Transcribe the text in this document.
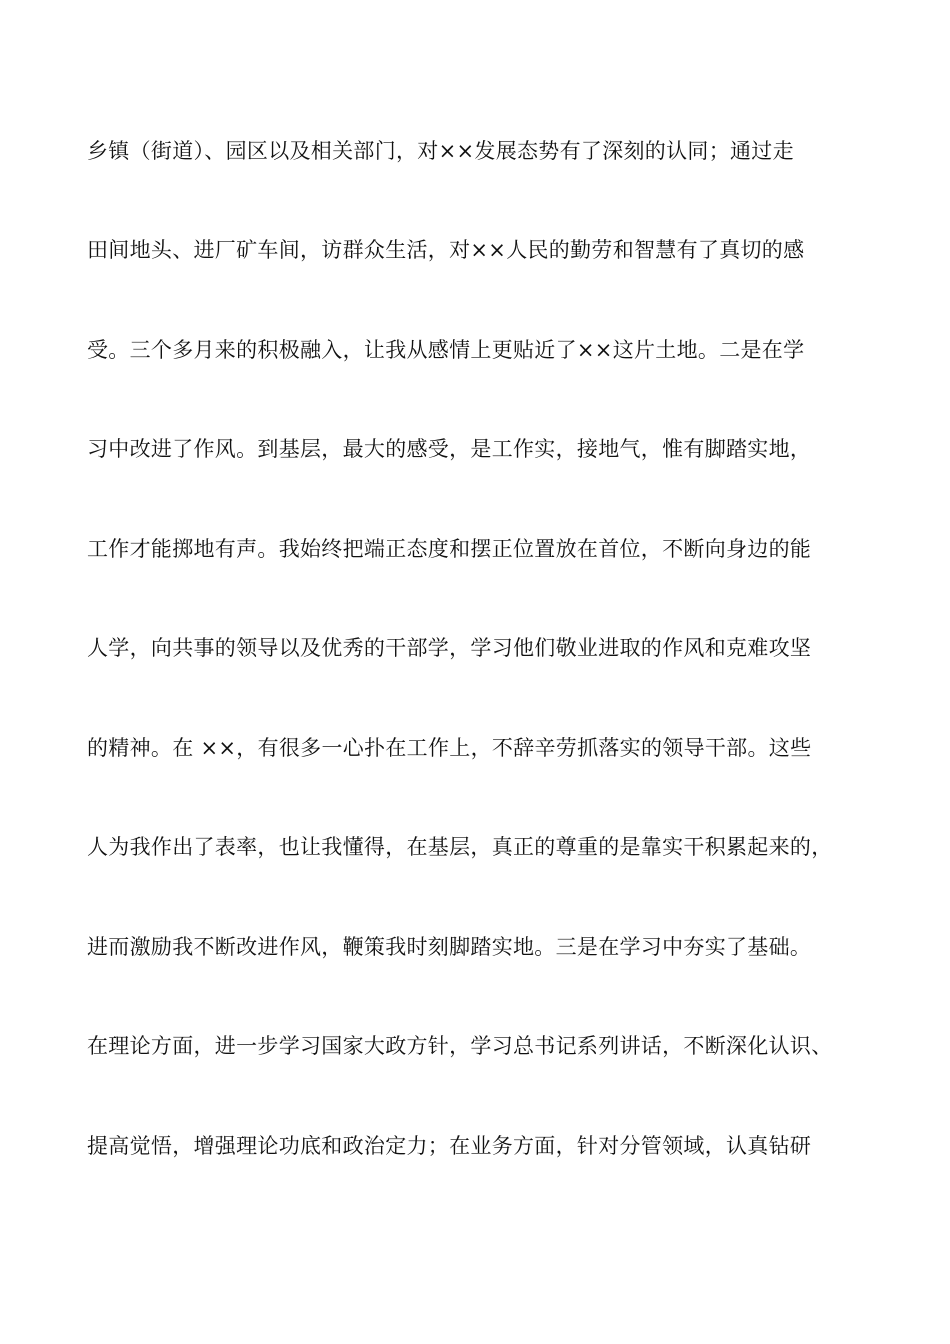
乡镇（街道）、园区以及相关部门，对××发展态势有了深刻的认同；通过走
田间地头、进厂矿车间，访群众生活，对××人民的勤劳和智慧有了真切的感
受。三个多月来的积极融入，让我从感情上更贴近了××这片土地。二是在学
习中改进了作风。到基层，最大的感受，是工作实，接地气，惟有脚踏实地，
工作才能掷地有声。我始终把端正态度和摆正位置放在首位，不断向身边的能
人学，向共事的领导以及优秀的干部学，学习他们敬业进取的作风和克难攻坚
的精神。在 ××，有很多一心扑在工作上，不辞辛劳抓落实的领导干部。这些
人为我作出了表率，也让我懂得，在基层，真正的尊重的是靠实干积累起来的，
进而激励我不断改进作风，鞭策我时刻脚踏实地。三是在学习中夯实了基础。
在理论方面，进一步学习国家大政方针，学习总书记系列讲话，不断深化认识、
提高觉悟，增强理论功底和政治定力；在业务方面，针对分管领域，认真钻研
